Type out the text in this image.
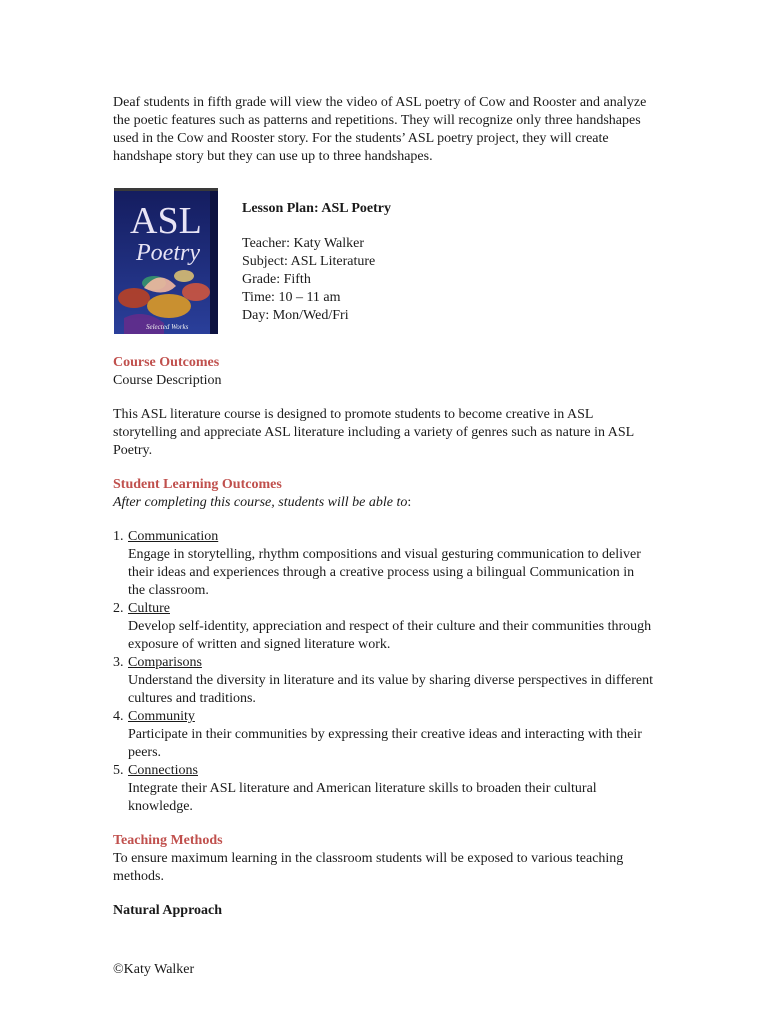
Deaf students in fifth grade will view the video of ASL poetry of Cow and Rooster and analyze the poetic features such as patterns and repetitions. They will recognize only three handshapes used in the Cow and Rooster story. For the students’ ASL poetry project, they will create handshape story but they can use up to three handshapes.

ASL
Poetry
Selected Works

Lesson Plan: ASL Poetry

Teacher: Katy Walker

Subject: ASL Literature

Grade: Fifth

Time: 10 – 11 am

Day: Mon/Wed/Fri

Course Outcomes

Course Description

This ASL literature course is designed to promote students to become creative in ASL storytelling and appreciate ASL literature including a variety of genres such as nature in ASL Poetry.

Student Learning Outcomes

After completing this course, students will be able to:

1. Communication

Engage in storytelling, rhythm compositions and visual gesturing communication to deliver their ideas and experiences through a creative process using a bilingual Communication in the classroom.

2. Culture

Develop self-identity, appreciation and respect of their culture and their communities through exposure of written and signed literature work.

3. Comparisons

Understand the diversity in literature and its value by sharing diverse perspectives in different cultures and traditions.

4. Community

Participate in their communities by expressing their creative ideas and interacting with their peers.

5. Connections

Integrate their ASL literature and American literature skills to broaden their cultural knowledge.

Teaching Methods

To ensure maximum learning in the classroom students will be exposed to various teaching methods.

Natural Approach

©Katy Walker
